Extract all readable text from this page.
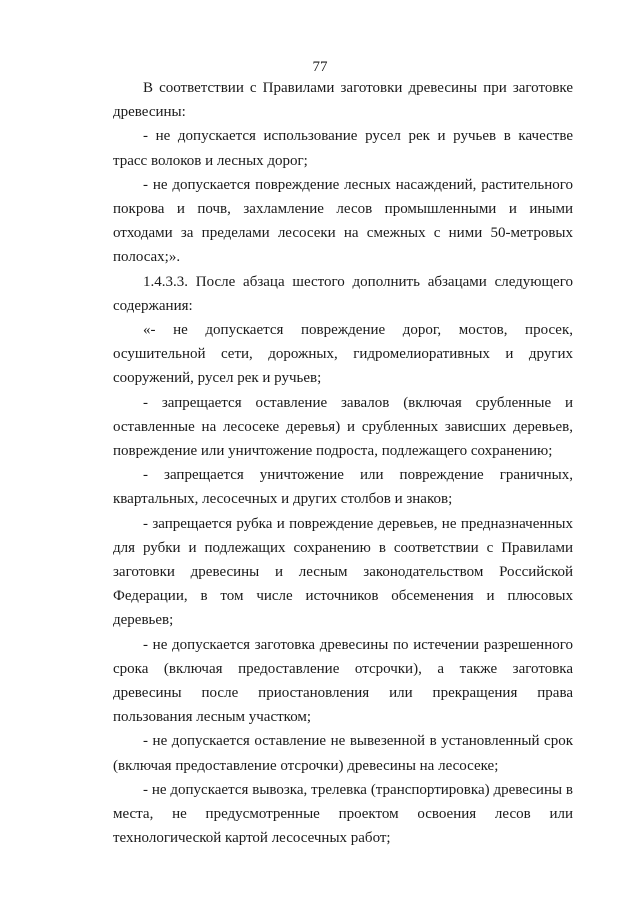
77

В соответствии с Правилами заготовки древесины при заготовке древесины:

- не допускается использование русел рек и ручьев в качестве трасс волоков и лесных дорог;

- не допускается повреждение лесных насаждений, растительного покрова и почв, захламление лесов промышленными и иными отходами за пределами лесосеки на смежных с ними 50-метровых полосах;».

1.4.3.3. После абзаца шестого дополнить абзацами следующего содержания:

«- не допускается повреждение дорог, мостов, просек, осушительной сети, дорожных, гидромелиоративных и других сооружений, русел рек и ручьев;

- запрещается оставление завалов (включая срубленные и оставленные на лесосеке деревья) и срубленных зависших деревьев, повреждение или уничтожение подроста, подлежащего сохранению;

- запрещается уничтожение или повреждение граничных, квартальных, лесосечных и других столбов и знаков;

- запрещается рубка и повреждение деревьев, не предназначенных для рубки и подлежащих сохранению в соответствии с Правилами заготовки древесины и лесным законодательством Российской Федерации, в том числе источников обсеменения и плюсовых деревьев;

- не допускается заготовка древесины по истечении разрешенного срока (включая предоставление отсрочки), а также заготовка древесины после приостановления или прекращения права пользования лесным участком;

- не допускается оставление не вывезенной в установленный срок (включая предоставление отсрочки) древесины на лесосеке;

- не допускается вывозка, трелевка (транспортировка) древесины в места, не предусмотренные проектом освоения лесов или технологической картой лесосечных работ;
